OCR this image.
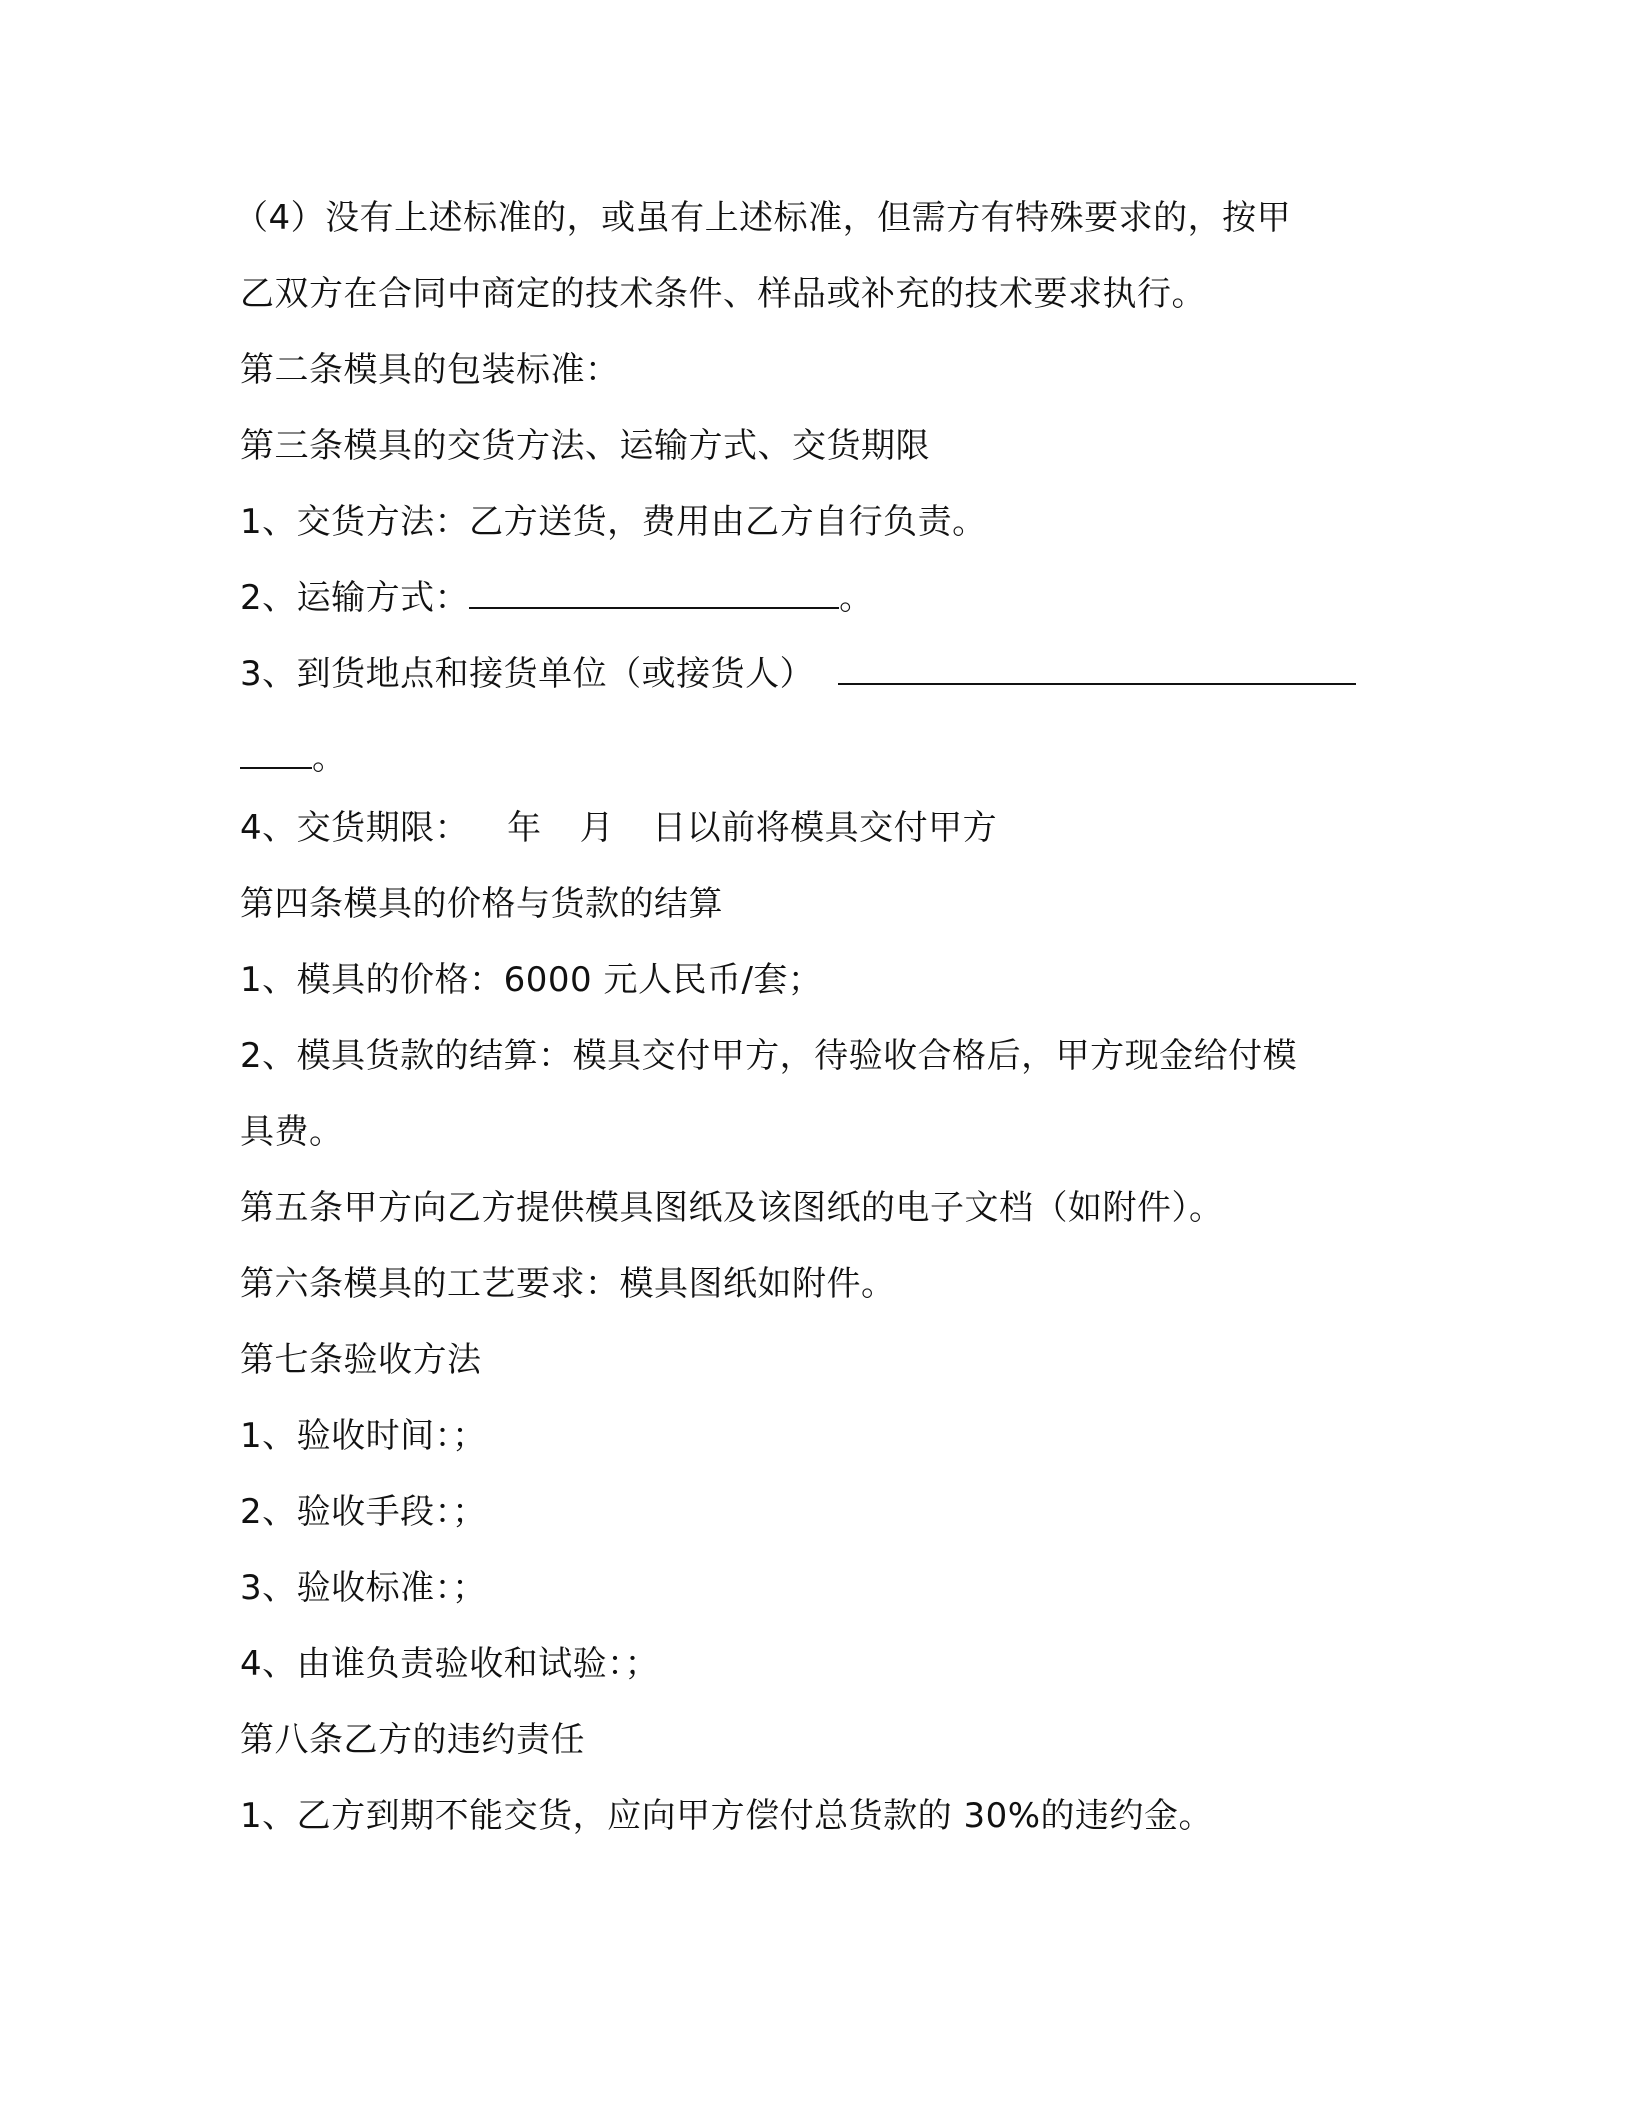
（4）没有上述标准的，或虽有上述标准，但需方有特殊要求的，按甲
乙双方在合同中商定的技术条件、样品或补充的技术要求执行。
第二条模具的包装标准：
第三条模具的交货方法、运输方式、交货期限
1、交货方法：乙方送货，费用由乙方自行负责。
2、运输方式：	。
3、到货地点和接货单位（或接货人）
。
4、交货期限： 年 月 日以前将模具交付甲方
第四条模具的价格与货款的结算
1、模具的价格：6000 元人民币/套；
2、模具货款的结算：模具交付甲方，待验收合格后，甲方现金给付模
具费。
第五条甲方向乙方提供模具图纸及该图纸的电子文档（如附件）。
第六条模具的工艺要求：模具图纸如附件。
第七条验收方法
1、验收时间：；
2、验收手段：；
3、验收标准：；
4、由谁负责验收和试验：；
第八条乙方的违约责任
1、乙方到期不能交货，应向甲方偿付总货款的 30%的违约金。
